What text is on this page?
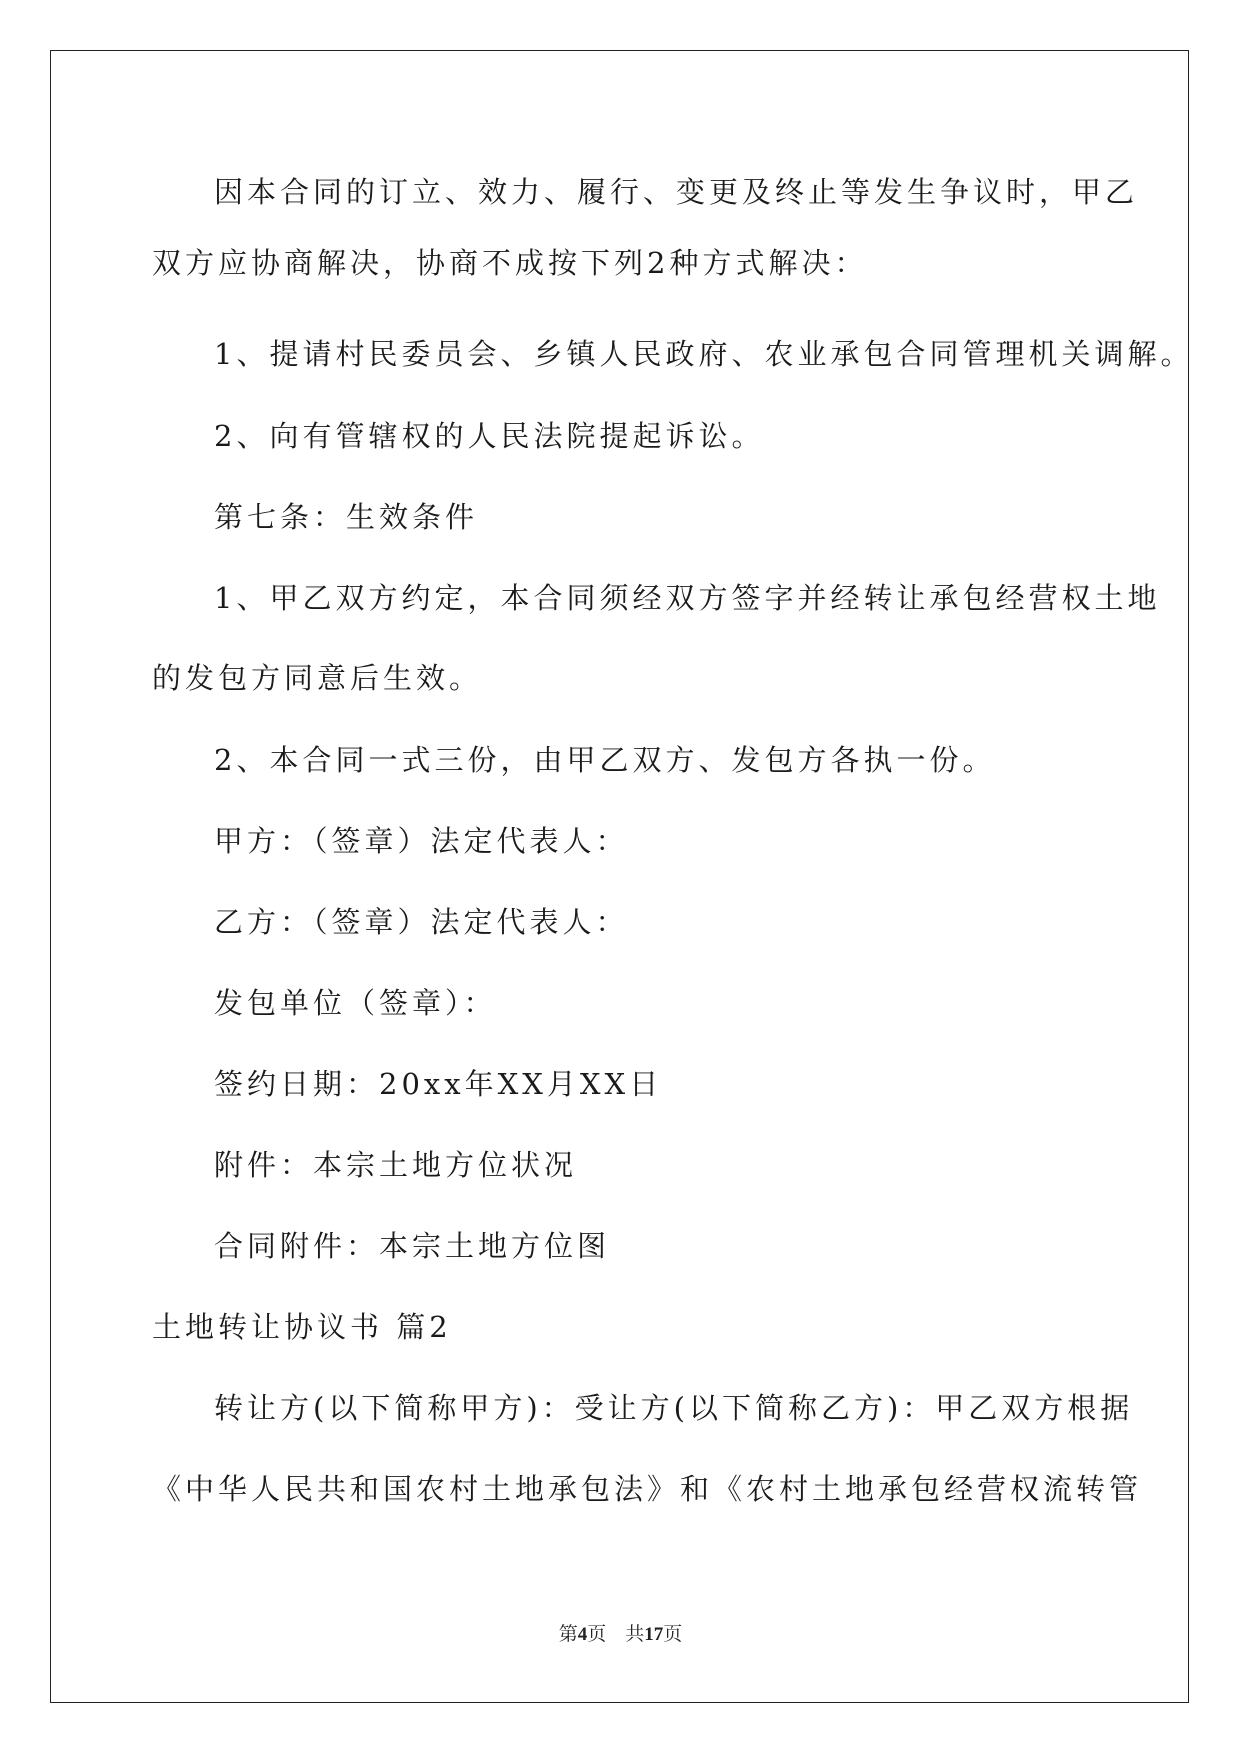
因本合同的订立、效力、履行、变更及终止等发生争议时，甲乙

双方应协商解决，协商不成按下列2种方式解决：

1、提请村民委员会、乡镇人民政府、农业承包合同管理机关调解。

2、向有管辖权的人民法院提起诉讼。

第七条：生效条件

1、甲乙双方约定，本合同须经双方签字并经转让承包经营权土地

的发包方同意后生效。

2、本合同一式三份，由甲乙双方、发包方各执一份。

甲方：（签章）法定代表人：

乙方：（签章）法定代表人：

发包单位（签章）：

签约日期：20xx年XX月XX日

附件：本宗土地方位状况

合同附件：本宗土地方位图

土地转让协议书 篇2

转让方(以下简称甲方)：受让方(以下简称乙方)：甲乙双方根据

《中华人民共和国农村土地承包法》和《农村土地承包经营权流转管

第4页 共17页
